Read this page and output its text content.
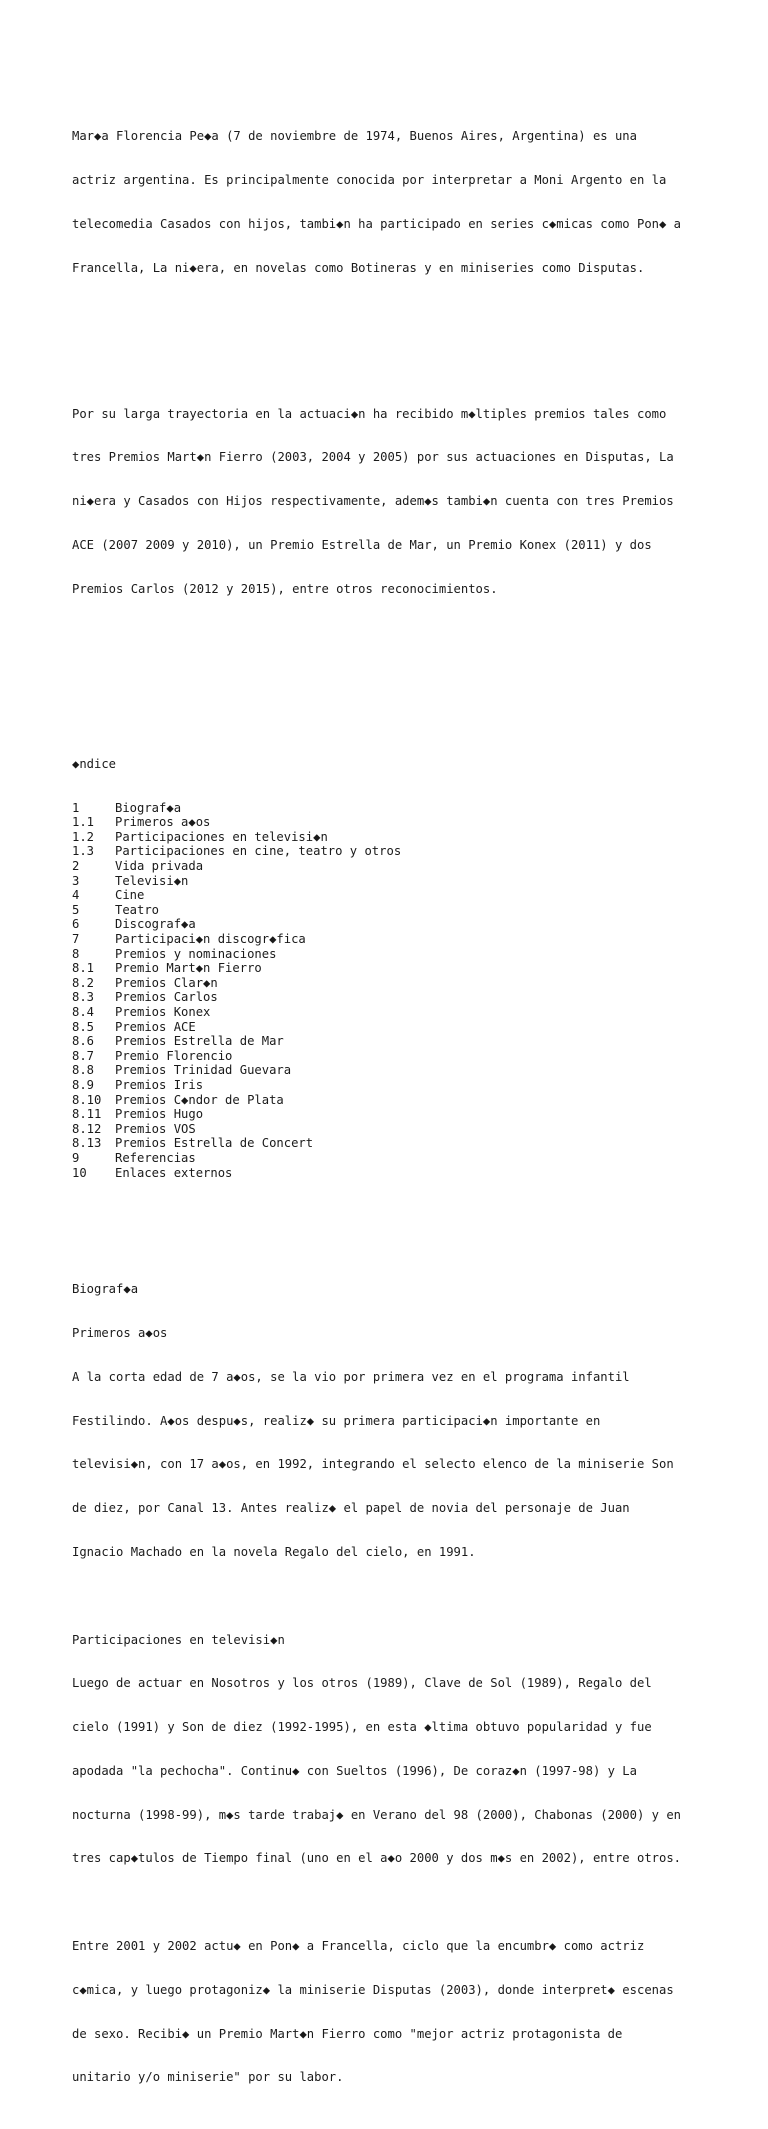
Mar◆a Florencia Pe◆a (7 de noviembre de 1974, Buenos Aires, Argentina) es una

actriz argentina. Es principalmente conocida por interpretar a Moni Argento en la

telecomedia Casados con hijos, tambi◆n ha participado en series c◆micas como Pon◆ a

Francella, La ni◆era, en novelas como Botineras y en miniseries como Disputas.

Por su larga trayectoria en la actuaci◆n ha recibido m◆ltiples premios tales como

tres Premios Mart◆n Fierro (2003, 2004 y 2005) por sus actuaciones en Disputas, La

ni◆era y Casados con Hijos respectivamente, adem◆s tambi◆n cuenta con tres Premios

ACE (2007 2009 y 2010), un Premio Estrella de Mar, un Premio Konex (2011) y dos

Premios Carlos (2012 y 2015), entre otros reconocimientos.

◆ndice

1	Biograf◆a
1.1 Primeros a◆os
1.2 Participaciones en televisi◆n
1.3 Participaciones en cine, teatro y otros
2	Vida privada
3	Televisi◆n
4	Cine
5	Teatro
6	Discograf◆a
7	Participaci◆n discogr◆fica
8	Premios y nominaciones
8.1 Premio Mart◆n Fierro
8.2 Premios Clar◆n
8.3 Premios Carlos
8.4 Premios Konex
8.5 Premios ACE
8.6 Premios Estrella de Mar
8.7 Premio Florencio
8.8 Premios Trinidad Guevara
8.9 Premios Iris
8.10 Premios C◆ndor de Plata
8.11 Premios Hugo
8.12 Premios VOS
8.13 Premios Estrella de Concert
9	Referencias
10 Enlaces externos

Biograf◆a

Primeros a◆os

A la corta edad de 7 a◆os, se la vio por primera vez en el programa infantil

Festilindo. A◆os despu◆s, realiz◆ su primera participaci◆n importante en

televisi◆n, con 17 a◆os, en 1992, integrando el selecto elenco de la miniserie Son

de diez, por Canal 13. Antes realiz◆ el papel de novia del personaje de Juan

Ignacio Machado en la novela Regalo del cielo, en 1991.

Participaciones en televisi◆n

Luego de actuar en Nosotros y los otros (1989), Clave de Sol (1989), Regalo del

cielo (1991) y Son de diez (1992-1995), en esta ◆ltima obtuvo popularidad y fue

apodada "la pechocha". Continu◆ con Sueltos (1996), De coraz◆n (1997-98) y La

nocturna (1998-99), m◆s tarde trabaj◆ en Verano del 98 (2000), Chabonas (2000) y en

tres cap◆tulos de Tiempo final (uno en el a◆o 2000 y dos m◆s en 2002), entre otros.

Entre 2001 y 2002 actu◆ en Pon◆ a Francella, ciclo que la encumbr◆ como actriz

c◆mica, y luego protagoniz◆ la miniserie Disputas (2003), donde interpret◆ escenas

de sexo. Recibi◆ un Premio Mart◆n Fierro como "mejor actriz protagonista de

unitario y/o miniserie" por su labor.
